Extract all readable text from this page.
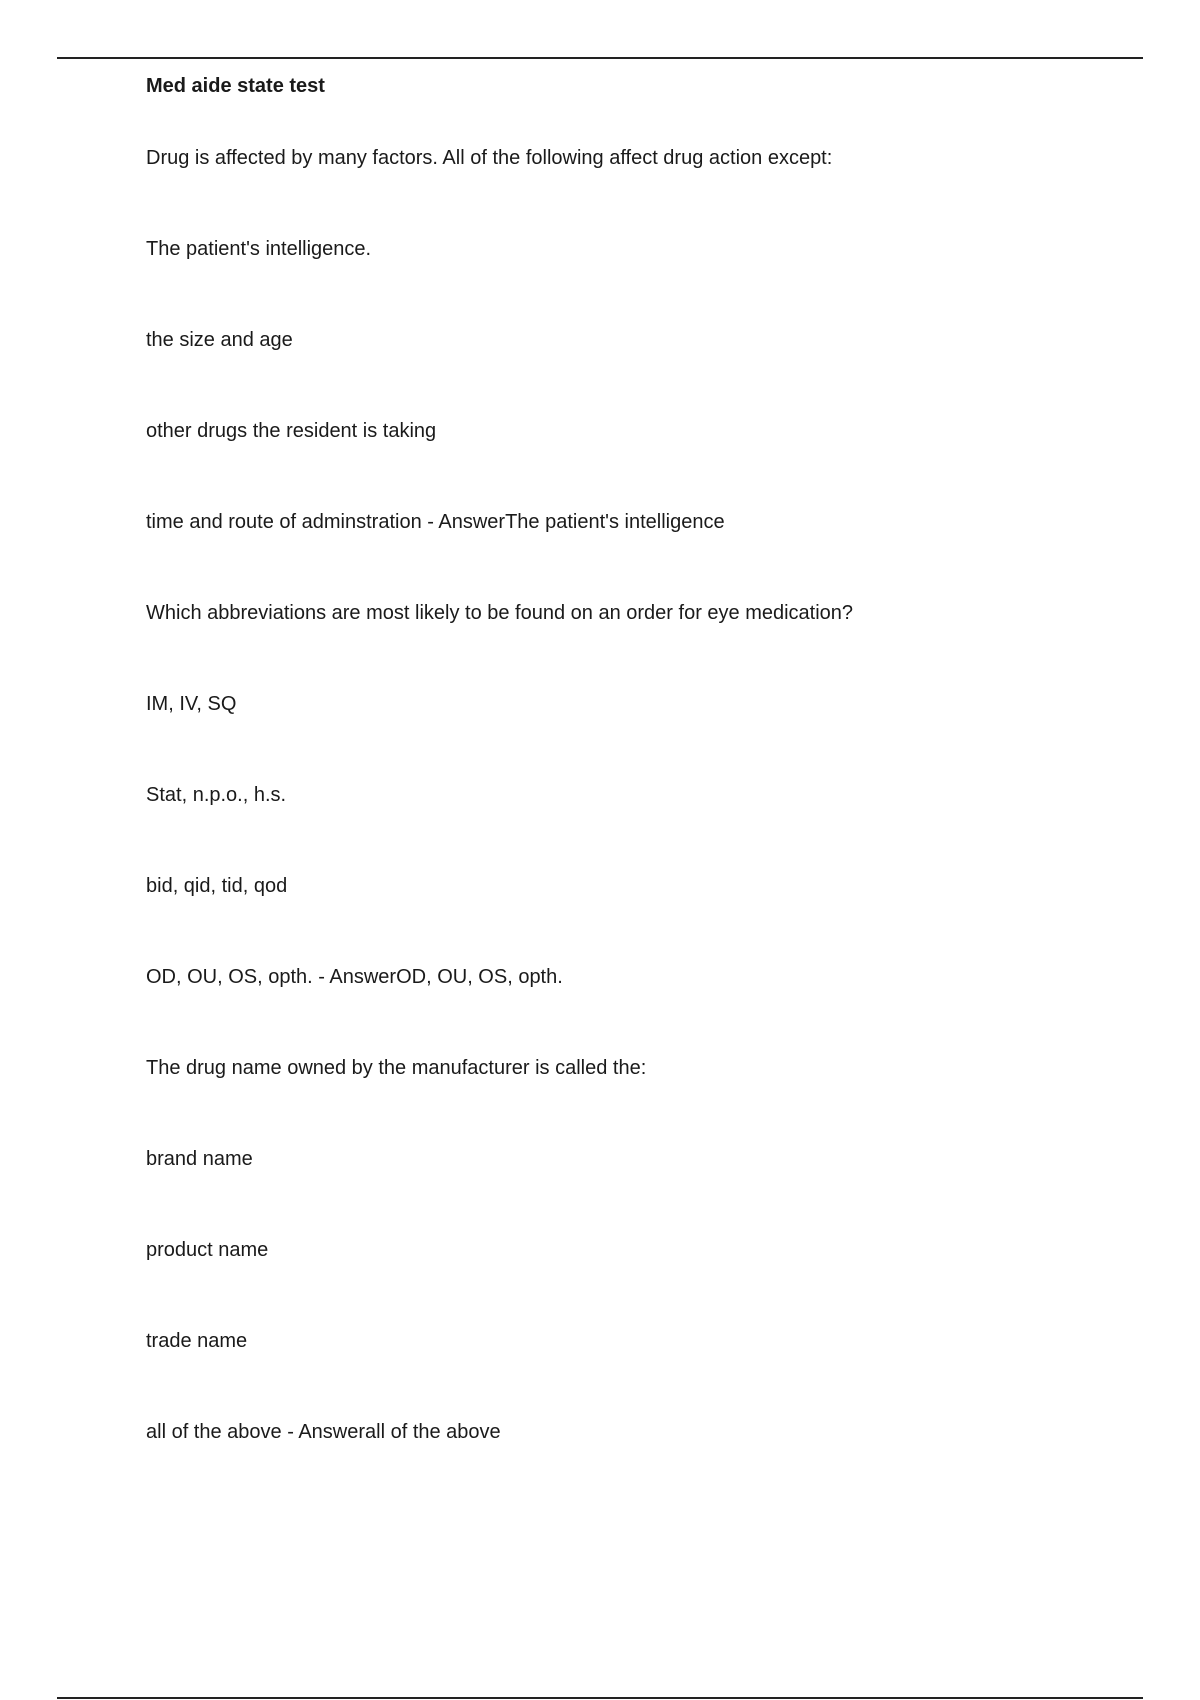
Med aide state test
Drug is affected by many factors. All of the following affect drug action except:
The patient's intelligence.
the size and age
other drugs the resident is taking
time and route of adminstration - AnswerThe patient's intelligence
Which abbreviations are most likely to be found on an order for eye medication?
IM, IV, SQ
Stat, n.p.o., h.s.
bid, qid, tid, qod
OD, OU, OS, opth. - AnswerOD, OU, OS, opth.
The drug name owned by the manufacturer is called the:
brand name
product name
trade name
all of the above - Answerall of the above
